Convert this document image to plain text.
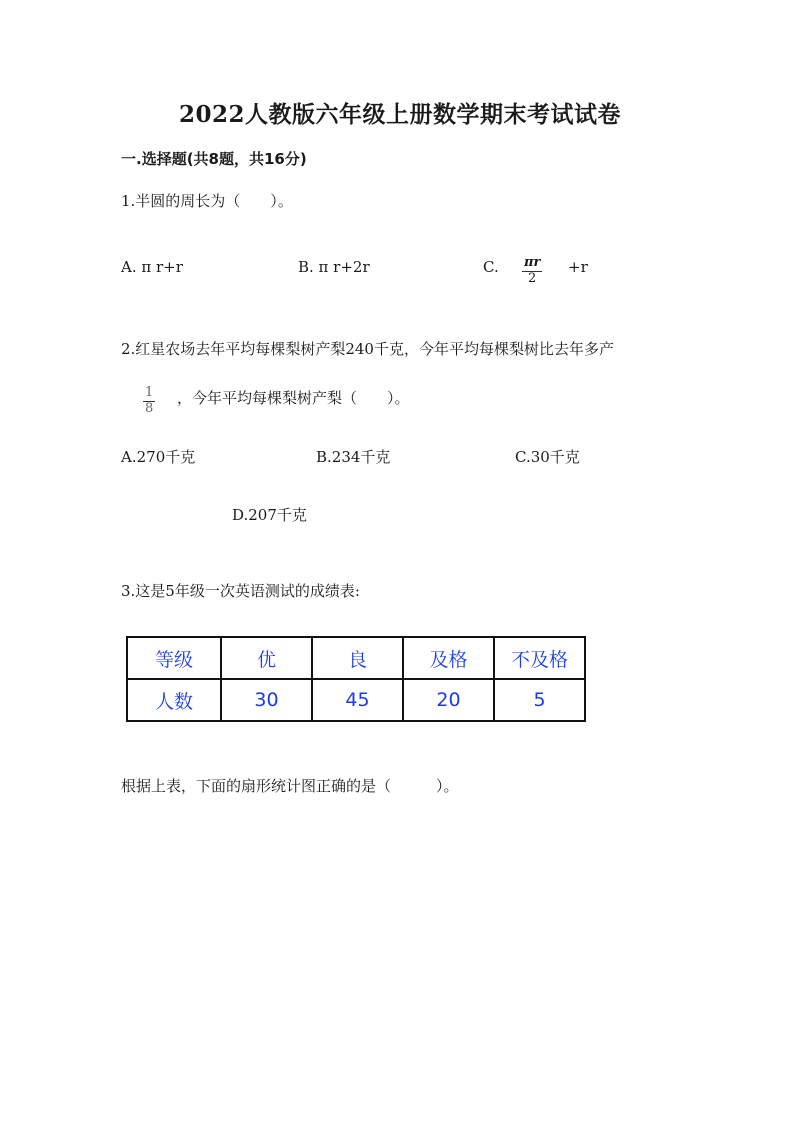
2022人教版六年级上册数学期末考试试卷
一.选择题(共8题，共16分)
1.半圆的周长为（　　）。
A. π r+r	B. π r+2r	C. $\frac{\pi r}{2} +r$
2.红星农场去年平均每棵梨树产梨240千克，今年平均每棵梨树比去年多产
$\frac{1}{8}$ ，今年平均每棵梨树产梨（　　）。
A.270千克	B.234千克	C.30千克
D.207千克
3.这是5年级一次英语测试的成绩表:
等级	优	良	及格	不及格
人数	30	45	20	5
根据上表，下面的扇形统计图正确的是（　　　）。
